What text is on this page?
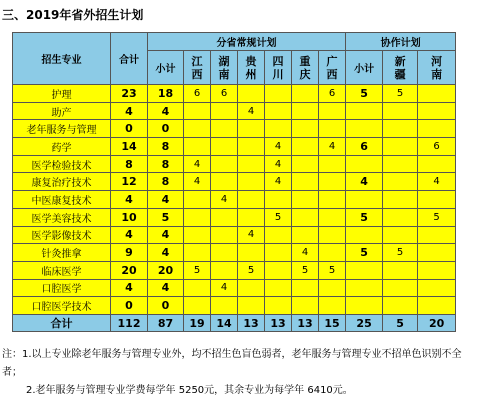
三、2019年省外招生计划
招生专业	合计	分省常规计划							协作计划		
		小计	江西	湖南	贵州	四川	重庆	广西	小计	新疆	河南
护理	23	18	6	6				6	5	5	
助产	4	4			4						
老年服务与管理	0	0									
药学	14	8				4		4	6		6
医学检验技术	8	8	4			4					
康复治疗技术	12	8	4			4			4		4
中医康复技术	4	4		4							
医学美容技术	10	5				5			5		5
医学影像技术	4	4			4						
针灸推拿	9	4					4		5	5	
临床医学	20	20	5		5		5	5			
口腔医学	4	4		4							
口腔医学技术	0	0									
合计	112	87	19	14	13	13	13	15	25	5	20
注：1.以上专业除老年服务与管理专业外，均不招生色盲色弱者，老年服务与管理专业不招单色识别不全者；
2.老年服务与管理专业学费每学年 5250元，其余专业为每学年 6410元。
